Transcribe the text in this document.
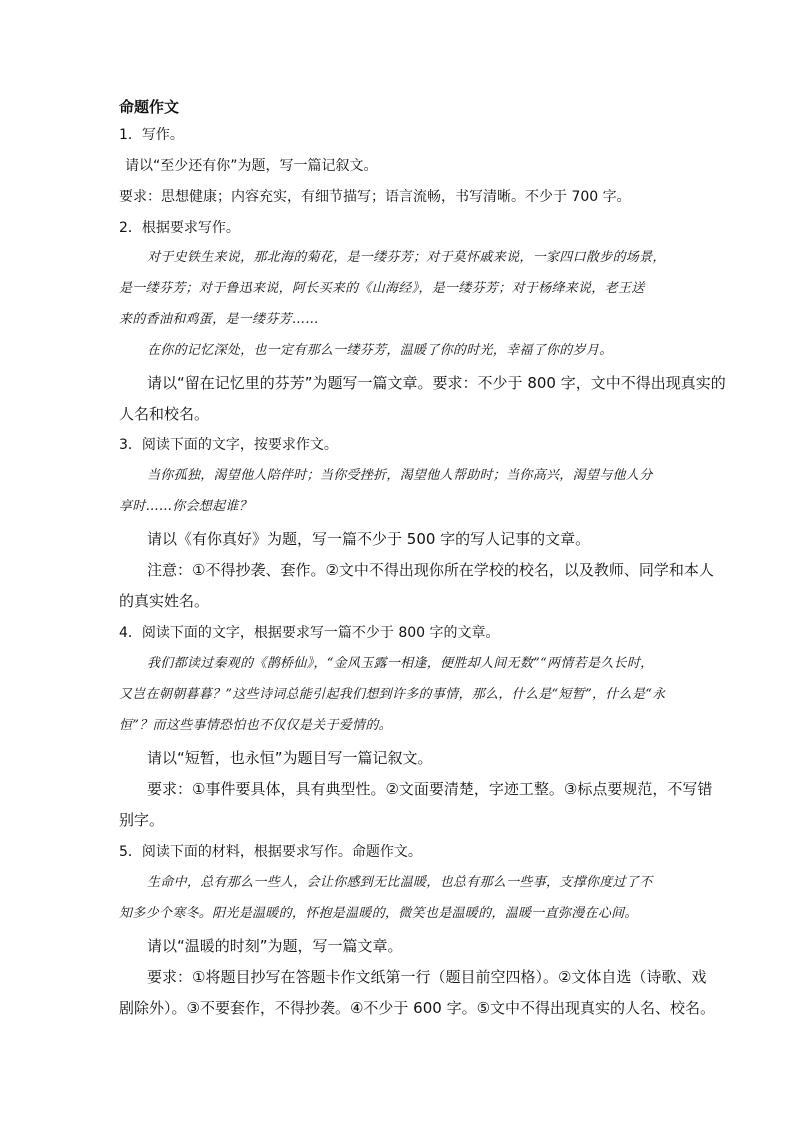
命题作文
1．写作。
请以“至少还有你”为题，写一篇记叙文。
要求：思想健康；内容充实，有细节描写；语言流畅，书写清晰。不少于 700 字。
2．根据要求写作。
对于史铁生来说，那北海的菊花，是一缕芬芳；对于莫怀戚来说，一家四口散步的场景，
是一缕芬芳；对于鲁迅来说，阿长买来的《山海经》，是一缕芬芳；对于杨绛来说，老王送
来的香油和鸡蛋，是一缕芬芳……
在你的记忆深处，也一定有那么一缕芬芳，温暖了你的时光，幸福了你的岁月。
请以“留在记忆里的芬芳”为题写一篇文章。要求：不少于 800 字，文中不得出现真实的
人名和校名。
3．阅读下面的文字，按要求作文。
当你孤独，渴望他人陪伴时；当你受挫折，渴望他人帮助时；当你高兴，渴望与他人分
享时……你会想起谁？
请以《有你真好》为题，写一篇不少于 500 字的写人记事的文章。
注意：①不得抄袭、套作。②文中不得出现你所在学校的校名，以及教师、同学和本人
的真实姓名。
4．阅读下面的文字，根据要求写一篇不少于 800 字的文章。
我们都读过秦观的《鹊桥仙》，“金风玉露一相逢，便胜却人间无数”“两情若是久长时，
又岂在朝朝暮暮？”这些诗词总能引起我们想到许多的事情，那么，什么是“短暂”，什么是“永
恒”？而这些事情恐怕也不仅仅是关于爱情的。
请以“短暂，也永恒”为题目写一篇记叙文。
要求：①事件要具体，具有典型性。②文面要清楚，字迹工整。③标点要规范，不写错
别字。
5．阅读下面的材料，根据要求写作。命题作文。
生命中，总有那么一些人，会让你感到无比温暖，也总有那么一些事，支撑你度过了不
知多少个寒冬。阳光是温暖的，怀抱是温暖的，微笑也是温暖的，温暖一直弥漫在心间。
请以“温暖的时刻”为题，写一篇文章。
要求：①将题目抄写在答题卡作文纸第一行（题目前空四格）。②文体自选（诗歌、戏
剧除外）。③不要套作，不得抄袭。④不少于 600 字。⑤文中不得出现真实的人名、校名。
